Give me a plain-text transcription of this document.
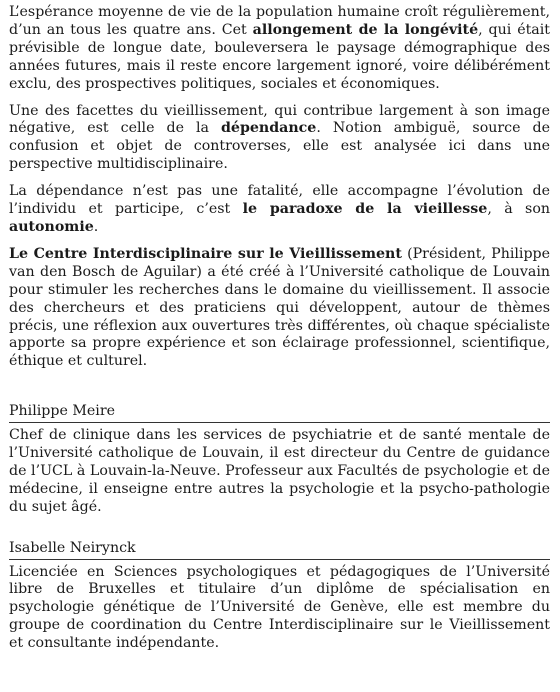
L’espérance moyenne de vie de la population humaine croît régulièrement, d’un an tous les quatre ans. Cet allongement de la longévité, qui était prévisible de longue date, bouleversera le paysage démographique des années futures, mais il reste encore largement ignoré, voire délibérément exclu, des prospectives politiques, sociales et économiques.

Une des facettes du vieillissement, qui contribue largement à son image négative, est celle de la dépendance. Notion ambiguë, source de confusion et objet de controverses, elle est analysée ici dans une perspective multidisciplinaire.

La dépendance n’est pas une fatalité, elle accompagne l’évolution de l’individu et participe, c’est le paradoxe de la vieillesse, à son autonomie.

Le Centre Interdisciplinaire sur le Vieillissement (Président, Philippe van den Bosch de Aguilar) a été créé à l’Université catholique de Louvain pour stimuler les recherches dans le domaine du vieillissement. Il associe des chercheurs et des praticiens qui développent, autour de thèmes précis, une réflexion aux ouvertures très différentes, où chaque spécialiste apporte sa propre expérience et son éclairage professionnel, scientifique, éthique et culturel.

Philippe Meire

Chef de clinique dans les services de psychiatrie et de santé mentale de l’Université catholique de Louvain, il est directeur du Centre de guidance de l’UCL à Louvain-la-Neuve. Professeur aux Facultés de psychologie et de médecine, il enseigne entre autres la psychologie et la psycho-pathologie du sujet âgé.

Isabelle Neirynck

Licenciée en Sciences psychologiques et pédagogiques de l’Université libre de Bruxelles et titulaire d’un diplôme de spécialisation en psychologie génétique de l’Université de Genève, elle est membre du groupe de coordination du Centre Interdisciplinaire sur le Vieillissement et consultante indépendante.
